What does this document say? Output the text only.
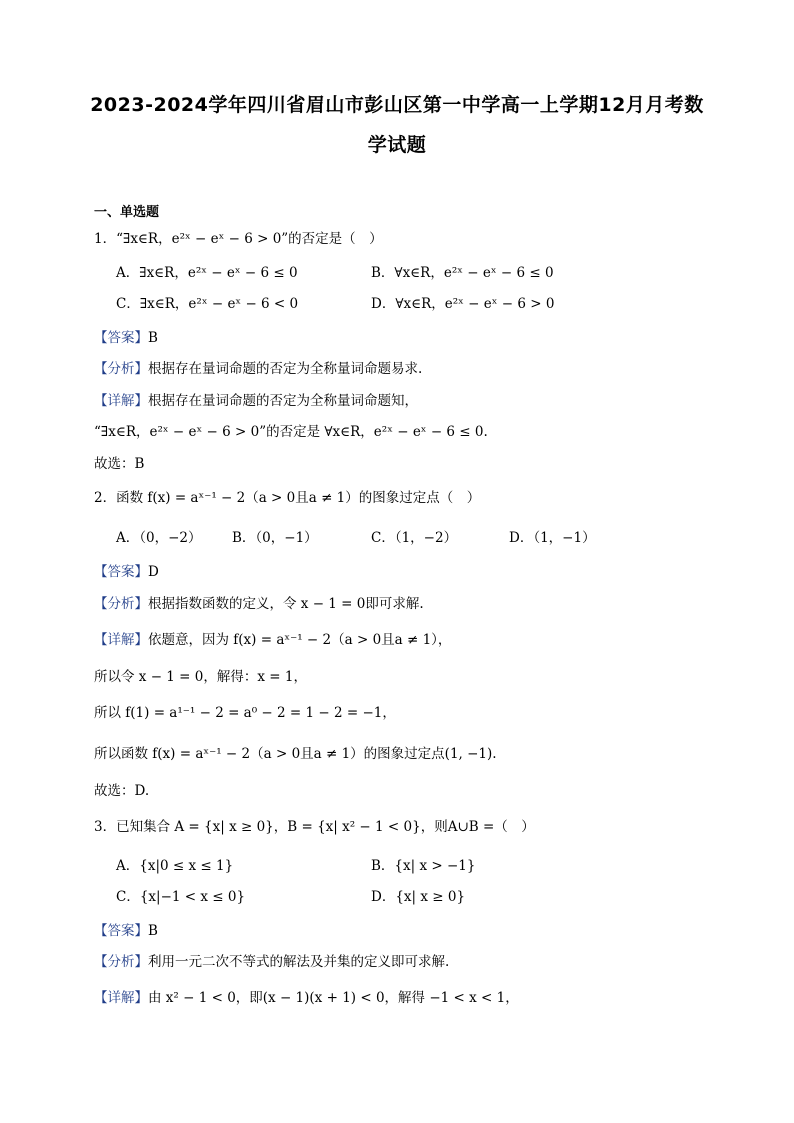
2023-2024学年四川省眉山市彭山区第一中学高一上学期12月月考数
学试题
一、单选题
1．“∃x∈R，e²ˣ − eˣ − 6 > 0”的否定是（　）
A．∃x∈R，e²ˣ − eˣ − 6 ≤ 0	B．∀x∈R，e²ˣ − eˣ − 6 ≤ 0
C．∃x∈R，e²ˣ − eˣ − 6 < 0	D．∀x∈R，e²ˣ − eˣ − 6 > 0
【答案】B
【分析】根据存在量词命题的否定为全称量词命题易求.
【详解】根据存在量词命题的否定为全称量词命题知，
“∃x∈R，e²ˣ − eˣ − 6 > 0”的否定是 ∀x∈R，e²ˣ − eˣ − 6 ≤ 0.
故选：B
2．函数 f(x) = aˣ⁻¹ − 2（a > 0且a ≠ 1）的图象过定点（　）
A．（0，−2） B．（0，−1）	C．（1，−2）	D．（1，−1）
【答案】D
【分析】根据指数函数的定义，令 x − 1 = 0即可求解.
【详解】依题意，因为 f(x) = aˣ⁻¹ − 2（a > 0且a ≠ 1），
所以令 x − 1 = 0，解得：x = 1，
所以 f(1) = a¹⁻¹ − 2 = a⁰ − 2 = 1 − 2 = −1，
所以函数 f(x) = aˣ⁻¹ − 2（a > 0且a ≠ 1）的图象过定点(1, −1).
故选：D.
3．已知集合 A = {x| x ≥ 0}，B = {x| x² − 1 < 0}，则A∪B =（　）
A．{x|0 ≤ x ≤ 1}	B．{x| x > −1}
C．{x|−1 < x ≤ 0}	D．{x| x ≥ 0}
【答案】B
【分析】利用一元二次不等式的解法及并集的定义即可求解.
【详解】由 x² − 1 < 0，即(x − 1)(x + 1) < 0，解得 −1 < x < 1，
